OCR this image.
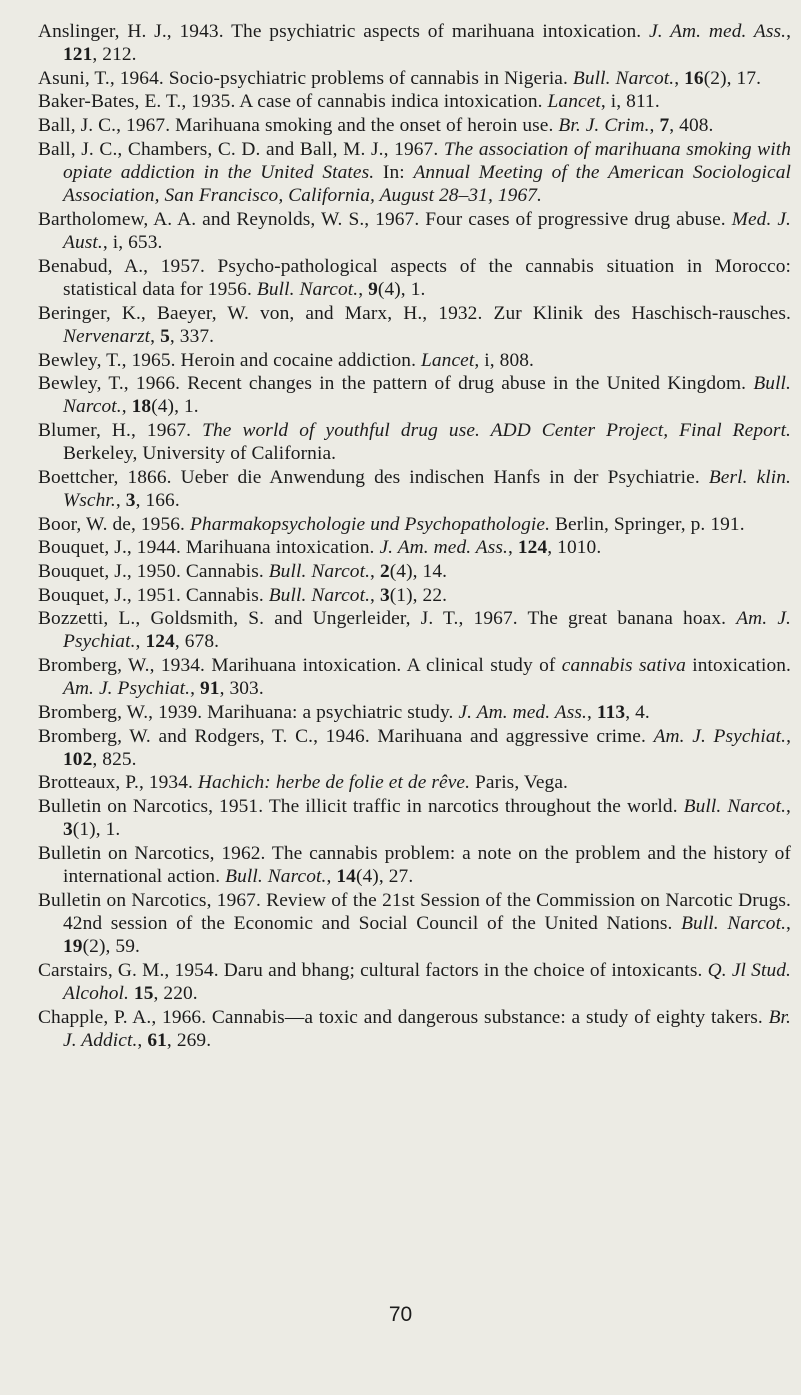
Anslinger, H. J., 1943. The psychiatric aspects of marihuana intoxication. J. Am. med. Ass., 121, 212.
Asuni, T., 1964. Socio-psychiatric problems of cannabis in Nigeria. Bull. Narcot., 16(2), 17.
Baker-Bates, E. T., 1935. A case of cannabis indica intoxication. Lancet, i, 811.
Ball, J. C., 1967. Marihuana smoking and the onset of heroin use. Br. J. Crim., 7, 408.
Ball, J. C., Chambers, C. D. and Ball, M. J., 1967. The association of marihuana smoking with opiate addiction in the United States. In: Annual Meeting of the American Sociological Association, San Francisco, California, August 28–31, 1967.
Bartholomew, A. A. and Reynolds, W. S., 1967. Four cases of progressive drug abuse. Med. J. Aust., i, 653.
Benabud, A., 1957. Psycho-pathological aspects of the cannabis situation in Morocco: statistical data for 1956. Bull. Narcot., 9(4), 1.
Beringer, K., Baeyer, W. von, and Marx, H., 1932. Zur Klinik des Haschisch-rausches. Nervenarzt, 5, 337.
Bewley, T., 1965. Heroin and cocaine addiction. Lancet, i, 808.
Bewley, T., 1966. Recent changes in the pattern of drug abuse in the United Kingdom. Bull. Narcot., 18(4), 1.
Blumer, H., 1967. The world of youthful drug use. ADD Center Project, Final Report. Berkeley, University of California.
Boettcher, 1866. Ueber die Anwendung des indischen Hanfs in der Psychiatrie. Berl. klin. Wschr., 3, 166.
Boor, W. de, 1956. Pharmakopsychologie und Psychopathologie. Berlin, Springer, p. 191.
Bouquet, J., 1944. Marihuana intoxication. J. Am. med. Ass., 124, 1010.
Bouquet, J., 1950. Cannabis. Bull. Narcot., 2(4), 14.
Bouquet, J., 1951. Cannabis. Bull. Narcot., 3(1), 22.
Bozzetti, L., Goldsmith, S. and Ungerleider, J. T., 1967. The great banana hoax. Am. J. Psychiat., 124, 678.
Bromberg, W., 1934. Marihuana intoxication. A clinical study of cannabis sativa intoxication. Am. J. Psychiat., 91, 303.
Bromberg, W., 1939. Marihuana: a psychiatric study. J. Am. med. Ass., 113, 4.
Bromberg, W. and Rodgers, T. C., 1946. Marihuana and aggressive crime. Am. J. Psychiat., 102, 825.
Brotteaux, P., 1934. Hachich: herbe de folie et de rêve. Paris, Vega.
Bulletin on Narcotics, 1951. The illicit traffic in narcotics throughout the world. Bull. Narcot., 3(1), 1.
Bulletin on Narcotics, 1962. The cannabis problem: a note on the problem and the history of international action. Bull. Narcot., 14(4), 27.
Bulletin on Narcotics, 1967. Review of the 21st Session of the Commission on Narcotic Drugs. 42nd session of the Economic and Social Council of the United Nations. Bull. Narcot., 19(2), 59.
Carstairs, G. M., 1954. Daru and bhang; cultural factors in the choice of intoxicants. Q. Jl Stud. Alcohol. 15, 220.
Chapple, P. A., 1966. Cannabis—a toxic and dangerous substance: a study of eighty takers. Br. J. Addict., 61, 269.
70
